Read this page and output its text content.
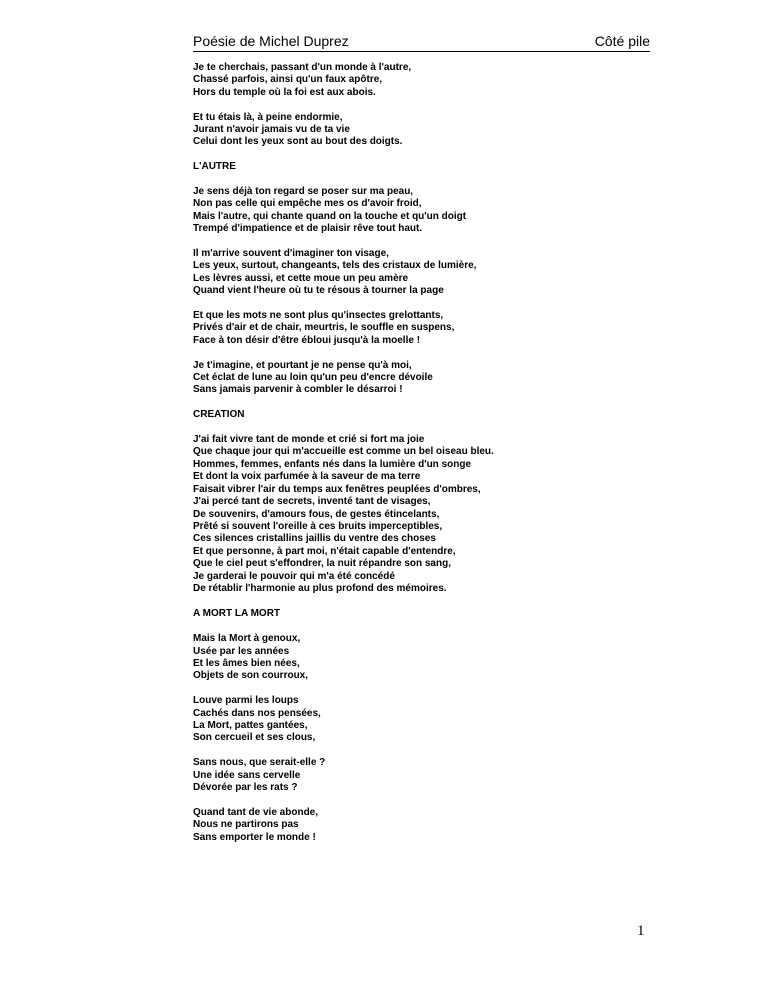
Poésie de Michel Duprez	Côté pile
Je te cherchais, passant d'un monde à l'autre,
Chassé parfois, ainsi qu'un faux apôtre,
Hors du temple où la foi est aux abois.
Et tu étais là, à peine endormie,
Jurant n'avoir jamais vu de ta vie
Celui dont les yeux sont au bout des doigts.
L'AUTRE
Je sens déjà ton regard se poser sur ma peau,
Non pas celle qui empêche mes os d'avoir froid,
Mais l'autre, qui chante quand on la touche et qu'un doigt
Trempé d'impatience et de plaisir rêve tout haut.
Il m'arrive souvent d'imaginer ton visage,
Les yeux, surtout, changeants, tels des cristaux de lumière,
Les lèvres aussi, et cette moue un peu amère
Quand vient l'heure où tu te résous à tourner la page
Et que les mots ne sont plus qu'insectes grelottants,
Privés d'air et de chair, meurtris, le souffle en suspens,
Face à ton désir d'être ébloui jusqu'à la moelle !
Je t'imagine, et pourtant je ne pense qu'à moi,
Cet éclat de lune au loin qu'un peu d'encre dévoile
Sans jamais parvenir à combler le désarroi !
CREATION
J'ai fait vivre tant de monde et crié si fort ma joie
Que chaque jour qui m'accueille est comme un bel oiseau bleu.
Hommes, femmes, enfants nés dans la lumière d'un songe
Et dont la voix parfumée à la saveur de ma terre
Faisait vibrer l'air du temps aux fenêtres peuplées d'ombres,
J'ai percé tant de secrets, inventé tant de visages,
De souvenirs, d'amours fous, de gestes étincelants,
Prêté si souvent l'oreille à ces bruits imperceptibles,
Ces silences cristallins jaillis du ventre des choses
Et que personne, à part moi, n'était capable d'entendre,
Que le ciel peut s'effondrer, la nuit répandre son sang,
Je garderai le pouvoir qui m'a été concédé
De rétablir l'harmonie au plus profond des mémoires.
A MORT LA MORT
Mais la Mort à genoux,
Usée par les années
Et les âmes bien nées,
Objets de son courroux,
Louve parmi les loups
Cachés dans nos pensées,
La Mort, pattes gantées,
Son cercueil et ses clous,
Sans nous, que serait-elle ?
Une idée sans cervelle
Dévorée par les rats ?
Quand tant de vie abonde,
Nous ne partirons pas
Sans emporter le monde !
1
